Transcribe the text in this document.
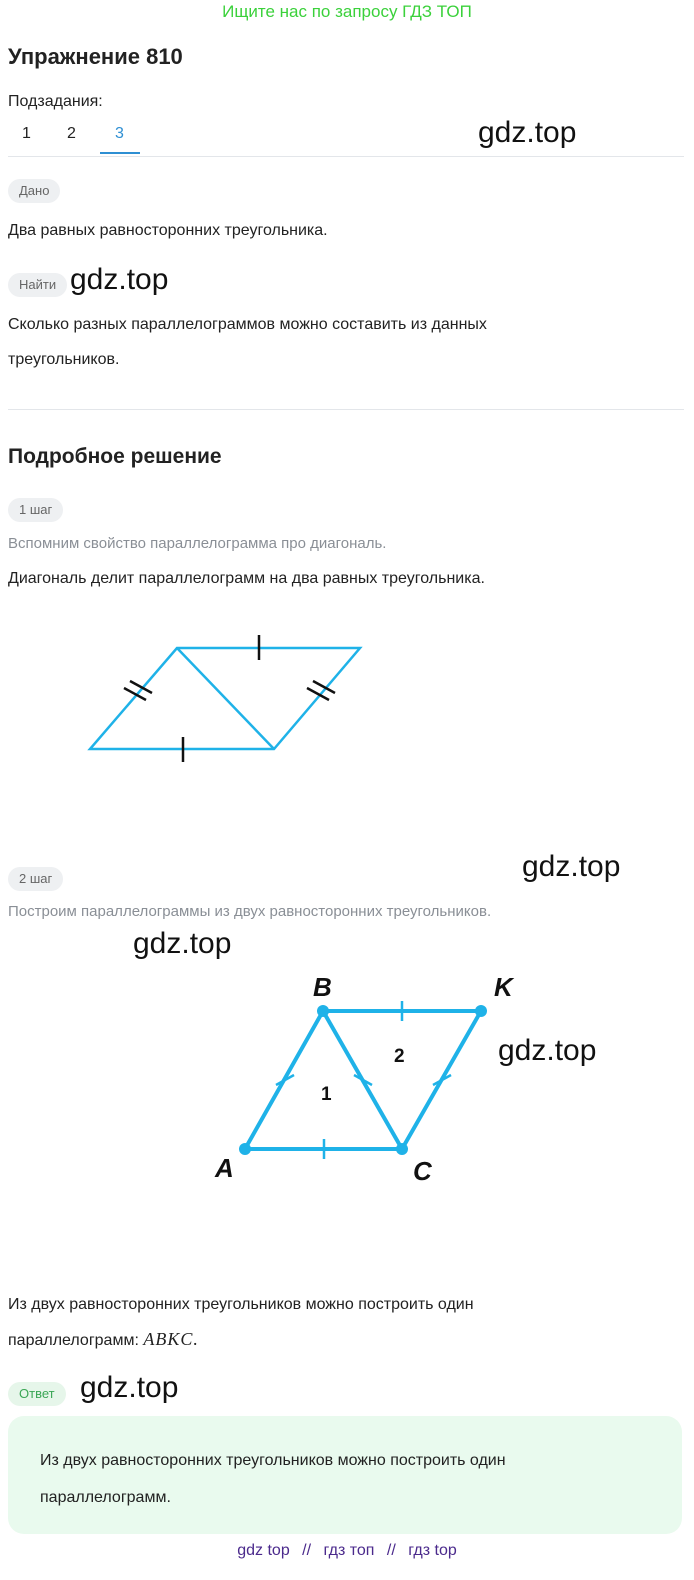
Ищите нас по запросу ГДЗ ТОП
Упражнение 810
Подзадания:
1 2 3	gdz.top
Дано
Два равных равносторонних треугольника.
Найти gdz.top
Сколько разных параллелограммов можно составить из данных
треугольников.
Подробное решение
1 шаг
Вспомним свойство параллелограмма про диагональ.
Диагональ делит параллелограмм на два равных треугольника.
gdz.top
2 шаг
Построим параллелограммы из двух равносторонних треугольников.
gdz.top
gdz.top
A
B
C
K
1
2
Из двух равносторонних треугольников можно построить один
параллелограмм: ABKC.
Ответ gdz.top
Из двух равносторонних треугольников можно построить один
параллелограмм.
gdz top // гдз топ // гдз top
